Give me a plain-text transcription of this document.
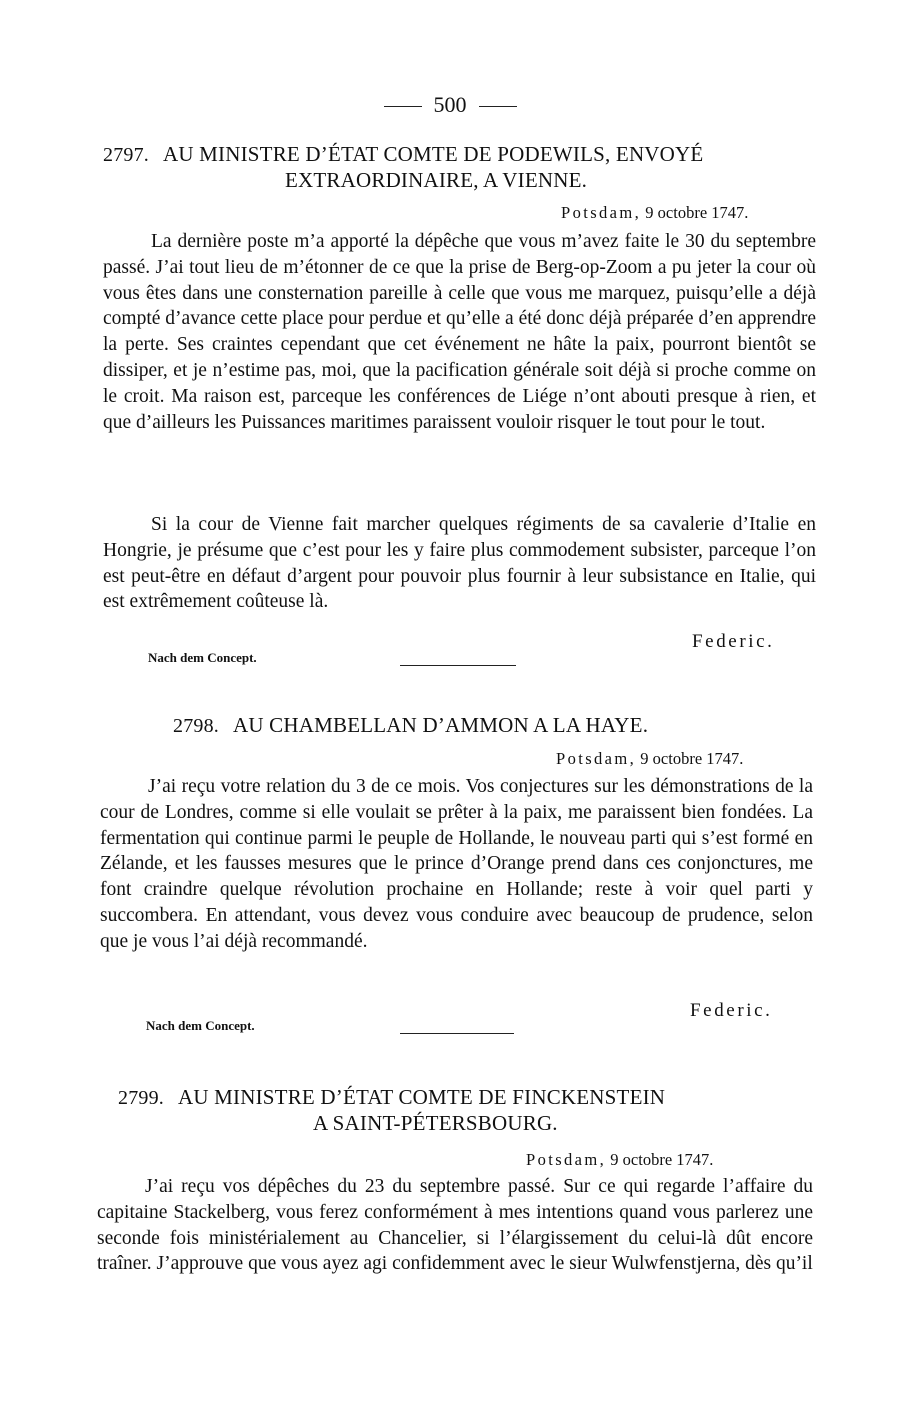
500
2797. AU MINISTRE D’ÉTAT COMTE DE PODEWILS, ENVOYÉ
EXTRAORDINAIRE, A VIENNE.
Potsdam, 9 octobre 1747.

La dernière poste m’a apporté la dépêche que vous m’avez faite le 30 du septembre passé. J’ai tout lieu de m’étonner de ce que la prise de Berg-op-Zoom a pu jeter la cour où vous êtes dans une consternation pareille à celle que vous me marquez, puisqu’elle a déjà compté d’avance cette place pour perdue et qu’elle a été donc déjà préparée d’en apprendre la perte. Ses craintes cependant que cet événement ne hâte la paix, pourront bientôt se dissiper, et je n’estime pas, moi, que la pacification générale soit déjà si proche comme on le croit. Ma raison est, parceque les conférences de Liége n’ont abouti presque à rien, et que d’ailleurs les Puissances maritimes paraissent vouloir risquer le tout pour le tout.

Si la cour de Vienne fait marcher quelques régiments de sa cavalerie d’Italie en Hongrie, je présume que c’est pour les y faire plus commodement subsister, parceque l’on est peut-être en défaut d’argent pour pouvoir plus fournir à leur subsistance en Italie, qui est extrêmement coûteuse là.

Federic.
Nach dem Concept.
2798. AU CHAMBELLAN D’AMMON A LA HAYE.
Potsdam, 9 octobre 1747.

J’ai reçu votre relation du 3 de ce mois. Vos conjectures sur les démonstrations de la cour de Londres, comme si elle voulait se prêter à la paix, me paraissent bien fondées. La fermentation qui continue parmi le peuple de Hollande, le nouveau parti qui s’est formé en Zélande, et les fausses mesures que le prince d’Orange prend dans ces conjonctures, me font craindre quelque révolution prochaine en Hollande; reste à voir quel parti y succombera. En attendant, vous devez vous conduire avec beaucoup de prudence, selon que je vous l’ai déjà recommandé.

Federic.
Nach dem Concept.
2799. AU MINISTRE D’ÉTAT COMTE DE FINCKENSTEIN
A SAINT-PÉTERSBOURG.
Potsdam, 9 octobre 1747.

J’ai reçu vos dépêches du 23 du septembre passé. Sur ce qui regarde l’affaire du capitaine Stackelberg, vous ferez conformément à mes intentions quand vous parlerez une seconde fois ministérialement au Chancelier, si l’élargissement du celui-là dût encore traîner. J’approuve que vous ayez agi confidemment avec le sieur Wulwfenstjerna, dès qu’il
